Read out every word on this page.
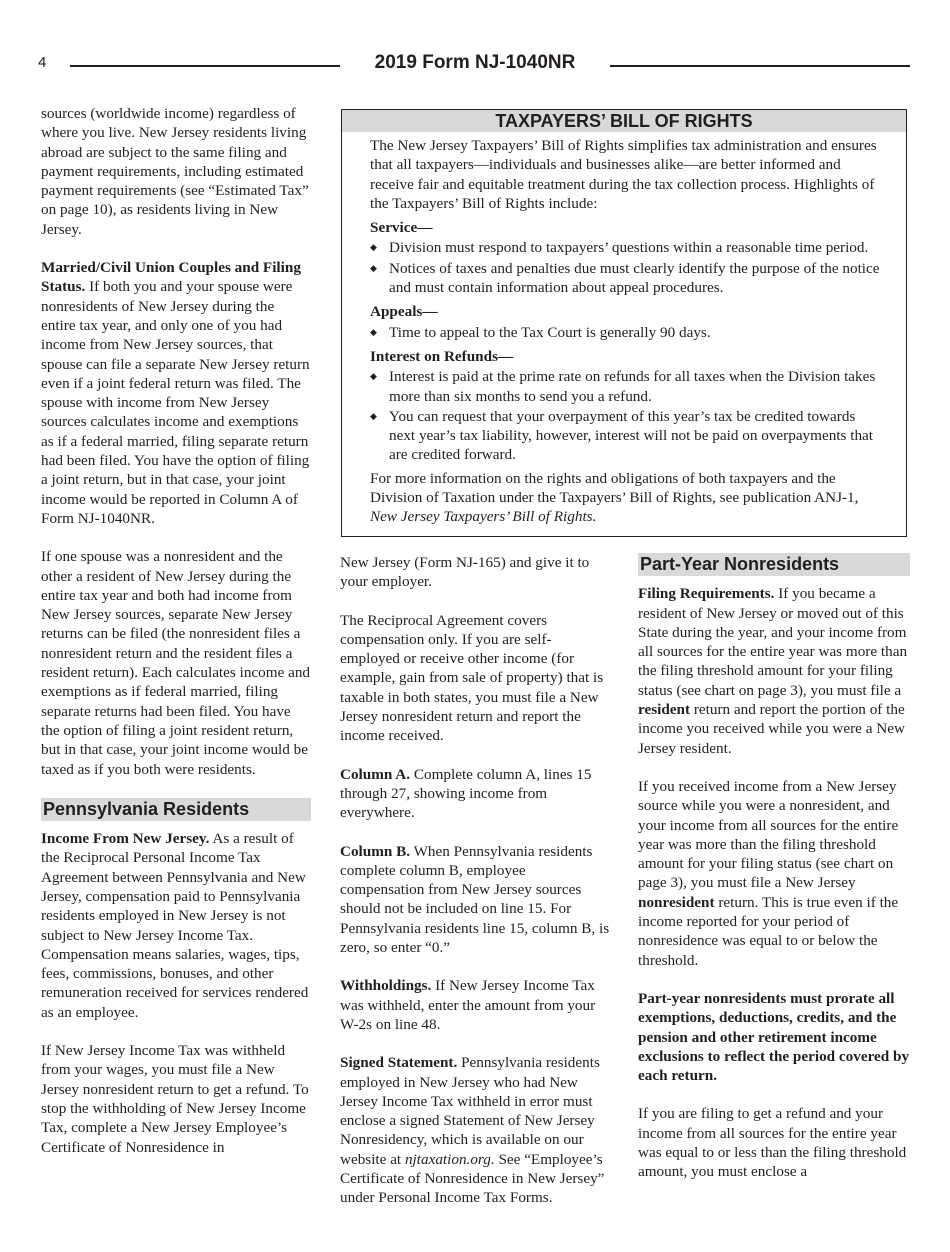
4	2019 Form NJ-1040NR

sources (worldwide income) regardless of where you live. New Jersey residents living abroad are subject to the same filing and payment requirements, including estimated payment requirements (see “Estimated Tax” on page 10), as residents living in New Jersey.

Married/Civil Union Couples and Filing Status. If both you and your spouse were nonresidents of New Jersey during the entire tax year, and only one of you had income from New Jersey sources, that spouse can file a separate New Jersey return even if a joint federal return was filed. The spouse with income from New Jersey sources calculates income and exemptions as if a federal married, filing separate return had been filed. You have the option of filing a joint return, but in that case, your joint income would be reported in Column A of Form NJ-1040NR.

If one spouse was a nonresident and the other a resident of New Jersey during the entire tax year and both had income from New Jersey sources, separate New Jersey returns can be filed (the nonresident files a nonresident return and the resident files a resident return). Each calculates income and exemptions as if federal married, filing separate returns had been filed. You have the option of filing a joint resident return, but in that case, your joint income would be taxed as if you both were residents.

Pennsylvania Residents

Income From New Jersey. As a result of the Reciprocal Personal Income Tax Agreement between Pennsylvania and New Jersey, compensation paid to Pennsylvania residents employed in New Jersey is not subject to New Jersey Income Tax. Compensation means salaries, wages, tips, fees, commissions, bonuses, and other remuneration received for services rendered as an employee.

If New Jersey Income Tax was withheld from your wages, you must file a New Jersey nonresident return to get a refund. To stop the withholding of New Jersey Income Tax, complete a New Jersey Employee’s Certificate of Nonresidence in

TAXPAYERS’ BILL OF RIGHTS

The New Jersey Taxpayers’ Bill of Rights simplifies tax administration and ensures that all taxpayers—individuals and businesses alike—are better informed and receive fair and equitable treatment during the tax collection process. Highlights of the Taxpayers’ Bill of Rights include:

Service—

◆ Division must respond to taxpayers’ questions within a reasonable time period.
◆ Notices of taxes and penalties due must clearly identify the purpose of the notice and must contain information about appeal procedures.

Appeals—

◆ Time to appeal to the Tax Court is generally 90 days.

Interest on Refunds—

◆ Interest is paid at the prime rate on refunds for all taxes when the Division takes more than six months to send you a refund.
◆ You can request that your overpayment of this year’s tax be credited towards next year’s tax liability, however, interest will not be paid on overpayments that are credited forward.

For more information on the rights and obligations of both taxpayers and the Division of Taxation under the Taxpayers’ Bill of Rights, see publication ANJ-1, New Jersey Taxpayers’ Bill of Rights.

New Jersey (Form NJ-165) and give it to your employer.

The Reciprocal Agreement covers compensation only. If you are self-employed or receive other income (for example, gain from sale of property) that is taxable in both states, you must file a New Jersey nonresident return and report the income received.

Column A. Complete column A, lines 15 through 27, showing income from everywhere.

Column B. When Pennsylvania residents complete column B, employee compensation from New Jersey sources should not be included on line 15. For Pennsylvania residents line 15, column B, is zero, so enter “0.”

Withholdings. If New Jersey Income Tax was withheld, enter the amount from your W-2s on line 48.

Signed Statement. Pennsylvania residents employed in New Jersey who had New Jersey Income Tax withheld in error must enclose a signed Statement of New Jersey Nonresidency, which is available on our website at njtaxation.org. See “Employee’s Certificate of Nonresidence in New Jersey” under Personal Income Tax Forms.

Part-Year Nonresidents

Filing Requirements. If you became a resident of New Jersey or moved out of this State during the year, and your income from all sources for the entire year was more than the filing threshold amount for your filing status (see chart on page 3), you must file a resident return and report the portion of the income you received while you were a New Jersey resident.

If you received income from a New Jersey source while you were a nonresident, and your income from all sources for the entire year was more than the filing threshold amount for your filing status (see chart on page 3), you must file a New Jersey nonresident return. This is true even if the income reported for your period of nonresidence was equal to or below the threshold.

Part-year nonresidents must prorate all exemptions, deductions, credits, and the pension and other retirement income exclusions to reflect the period covered by each return.

If you are filing to get a refund and your income from all sources for the entire year was equal to or less than the filing threshold amount, you must enclose a
